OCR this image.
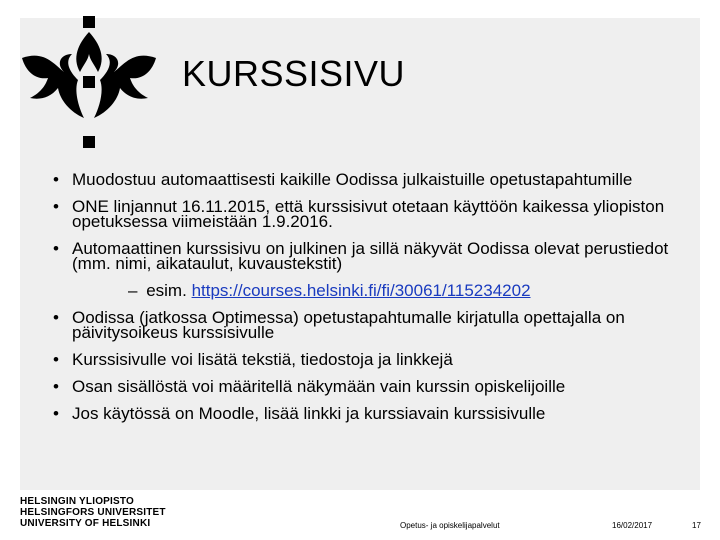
KURSSISIVU
• Muodostuu automaattisesti kaikille Oodissa julkaistuille opetustapahtumille
• ONE linjannut 16.11.2015, että kurssisivut otetaan käyttöön kaikessa yliopiston opetuksessa viimeistään 1.9.2016.
• Automaattinen kurssisivu on julkinen ja sillä näkyvät Oodissa olevat perustiedot (mm. nimi, aikataulut, kuvaustekstit)
– esim. https://courses.helsinki.fi/fi/30061/115234202
• Oodissa (jatkossa Optimessa) opetustapahtumalle kirjatulla opettajalla on päivitysoikeus kurssisivulle
• Kurssisivulle voi lisätä tekstiä, tiedostoja ja linkkejä
• Osan sisällöstä voi määritellä näkymään vain kurssin opiskelijoille
• Jos käytössä on Moodle, lisää linkki ja kurssiavain kurssisivulle
HELSINGIN YLIOPISTO
HELSINGFORS UNIVERSITET
UNIVERSITY OF HELSINKI	Opetus- ja opiskelijapalvelut	16/02/2017	17
